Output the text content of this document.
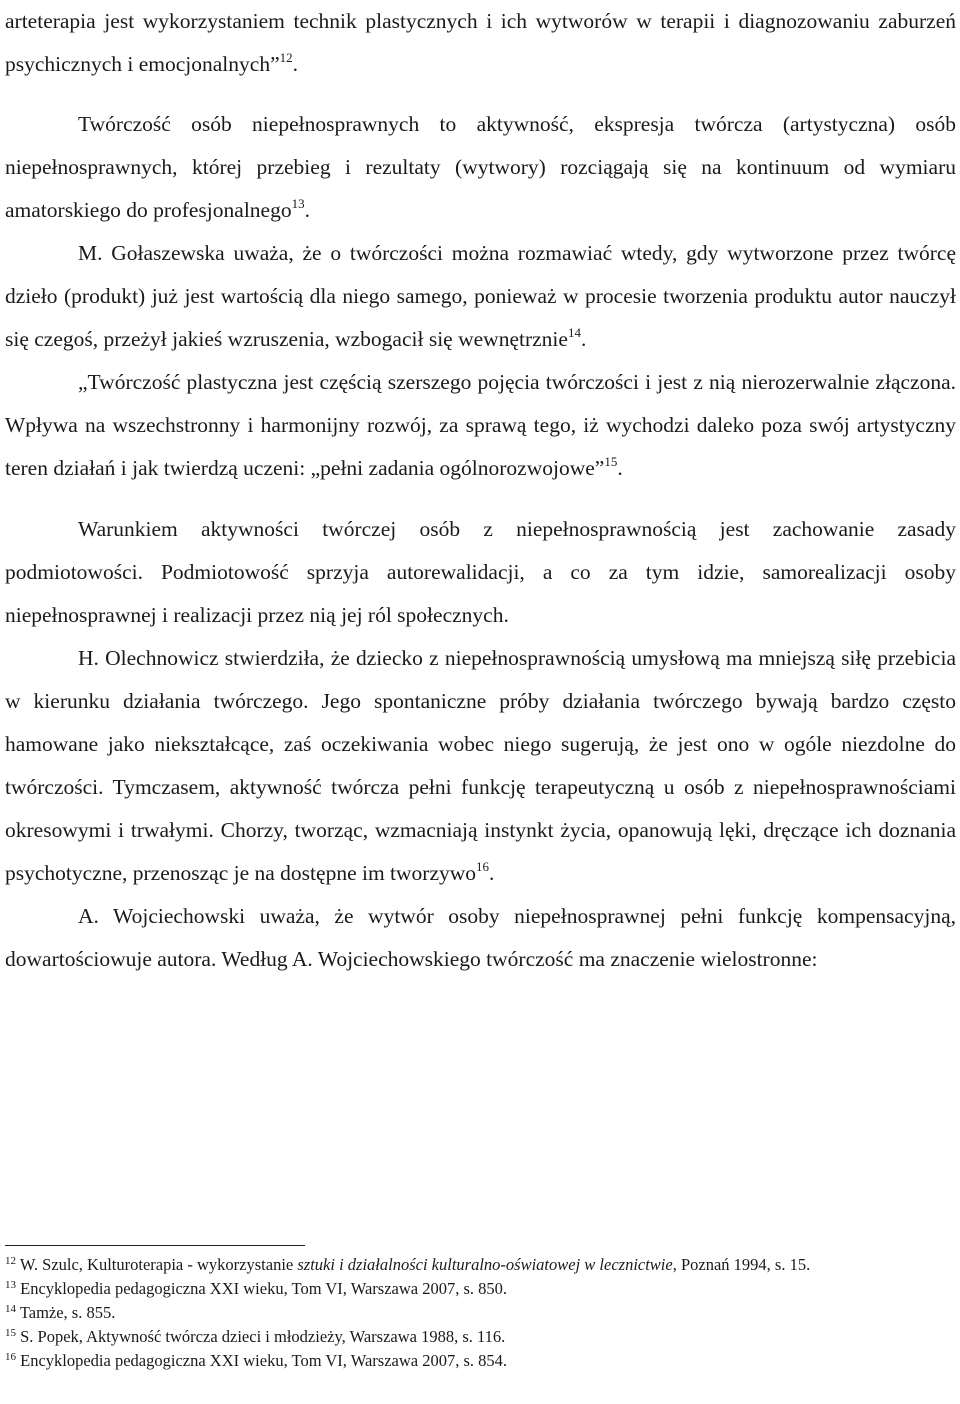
arteterapia jest wykorzystaniem technik plastycznych i ich wytworów w terapii i diagnozowaniu zaburzeń psychicznych i emocjonalnych”$^{12}$.

Twórczość osób niepełnosprawnych to aktywność, ekspresja twórcza (artystyczna) osób niepełnosprawnych, której przebieg i rezultaty (wytwory) rozciągają się na kontinuum od wymiaru amatorskiego do profesjonalnego$^{13}$.

M. Gołaszewska uważa, że o twórczości można rozmawiać wtedy, gdy wytworzone przez twórcę dzieło (produkt) już jest wartością dla niego samego, ponieważ w procesie tworzenia produktu autor nauczył się czegoś, przeżył jakieś wzruszenia, wzbogacił się wewnętrznie$^{14}$.

„Twórczość plastyczna jest częścią szerszego pojęcia twórczości i jest z nią nierozerwalnie złączona. Wpływa na wszechstronny i harmonijny rozwój, za sprawą tego, iż wychodzi daleko poza swój artystyczny teren działań i jak twierdzą uczeni: „pełni zadania ogólnorozwojowe”$^{15}$.

Warunkiem aktywności twórczej osób z niepełnosprawnością jest zachowanie zasady podmiotowości. Podmiotowość sprzyja autorewalidacji, a co za tym idzie, samorealizacji osoby niepełnosprawnej i realizacji przez nią jej ról społecznych.

H. Olechnowicz stwierdziła, że dziecko z niepełnosprawnością umysłową ma mniejszą siłę przebicia w kierunku działania twórczego. Jego spontaniczne próby działania twórczego bywają bardzo często hamowane jako niekształcące, zaś oczekiwania wobec niego sugerują, że jest ono w ogóle niezdolne do twórczości. Tymczasem, aktywność twórcza pełni funkcję terapeutyczną u osób z niepełnosprawnościami okresowymi i trwałymi. Chorzy, tworząc, wzmacniają instynkt życia, opanowują lęki, dręczące ich doznania psychotyczne, przenosząc je na dostępne im tworzywo$^{16}$.

A. Wojciechowski uważa, że wytwór osoby niepełnosprawnej pełni funkcję kompensacyjną, dowartościowuje autora. Według A. Wojciechowskiego twórczość ma znaczenie wielostronne:

$^{12}$ W. Szulc, Kulturoterapia - wykorzystanie sztuki i działalności kulturalno-oświatowej w lecznictwie, Poznań 1994, s. 15.

$^{13}$ Encyklopedia pedagogiczna XXI wieku, Tom VI, Warszawa 2007, s. 850.

$^{14}$ Tamże, s. 855.

$^{15}$ S. Popek, Aktywność twórcza dzieci i młodzieży, Warszawa 1988, s. 116.

$^{16}$ Encyklopedia pedagogiczna XXI wieku, Tom VI, Warszawa 2007, s. 854.
